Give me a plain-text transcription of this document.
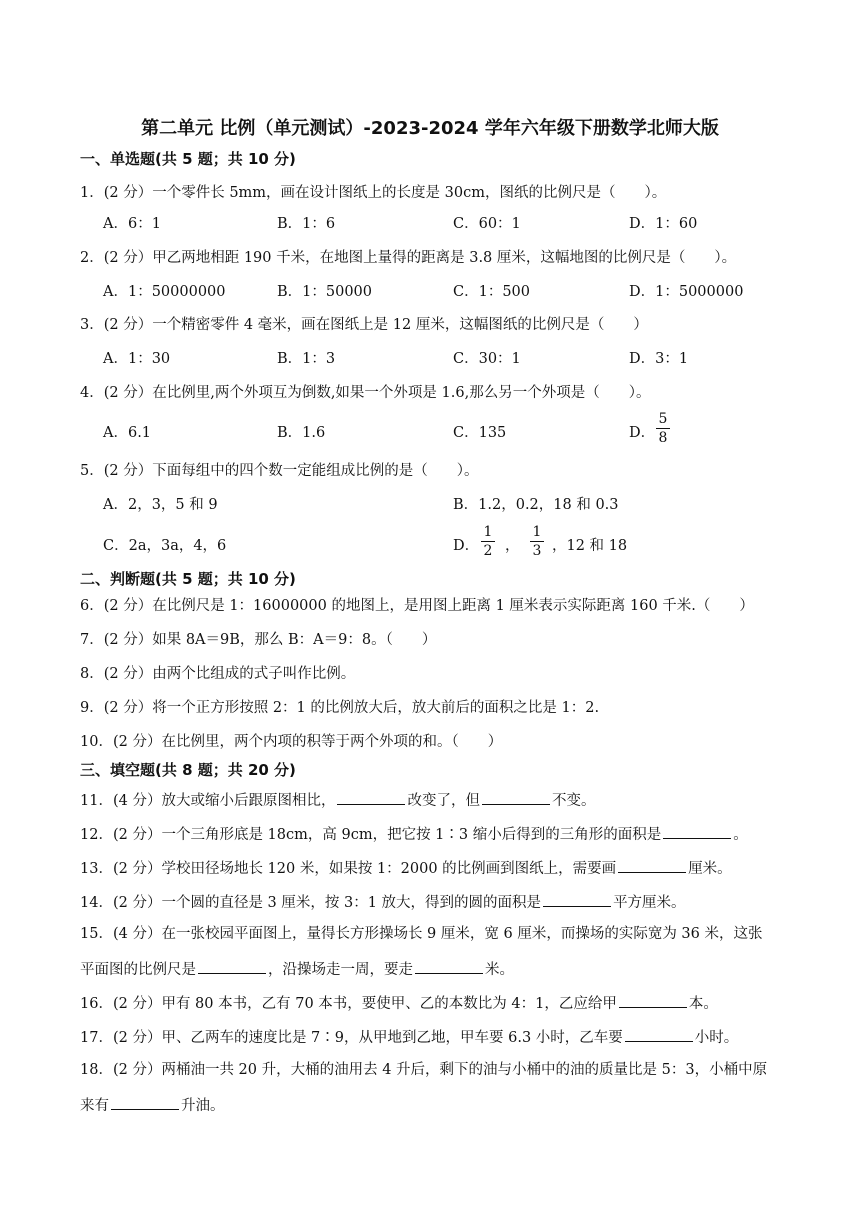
第二单元 比例（单元测试）-2023-2024 学年六年级下册数学北师大版
一、单选题(共 5 题；共 10 分)
1．(2 分）一个零件长 5mm，画在设计图纸上的长度是 30cm，图纸的比例尺是（　　）。
A．6：1	B．1：6	C．60：1	D．1：60
2．(2 分）甲乙两地相距 190 千米，在地图上量得的距离是 3.8 厘米，这幅地图的比例尺是（　　）。
A．1：50000000	B．1：50000	C．1：500	D．1：5000000
3．(2 分）一个精密零件 4 毫米，画在图纸上是 12 厘米，这幅图纸的比例尺是（　　）
A．1：30	B．1：3	C．30：1	D．3：1
4．(2 分）在比例里,两个外项互为倒数,如果一个外项是 1.6,那么另一个外项是（　　）。
A．6.1	B．1.6	C．135	D．
5
8
5．(2 分）下面每组中的四个数一定能组成比例的是（　　）。
A．2，3，5 和 9	B．1.2，0.2，18 和 0.3
C．2a，3a，4，6	D．
1
2 ，
1
3 ，12 和 18
二、判断题(共 5 题；共 10 分)
6．(2 分）在比例尺是 1：16000000 的地图上，是用图上距离 1 厘米表示实际距离 160 千米.（　　）
7．(2 分）如果 8A＝9B，那么 B：A＝9：8。（　　）
8．(2 分）由两个比组成的式子叫作比例。
9．(2 分）将一个正方形按照 2：1 的比例放大后，放大前后的面积之比是 1：2.
10．(2 分）在比例里，两个内项的积等于两个外项的和。（　　）
三、填空题(共 8 题；共 20 分)
11．(4 分）放大或缩小后跟原图相比，	改变了，但	不变。
12．(2 分）一个三角形底是 18cm，高 9cm，把它按 1∶3 缩小后得到的三角形的面积是	。
13．(2 分）学校田径场地长 120 米，如果按 1：2000 的比例画到图纸上，需要画	厘米。
14．(2 分）一个圆的直径是 3 厘米，按 3：1 放大，得到的圆的面积是	平方厘米。
15．(4 分）在一张校园平面图上，量得长方形操场长 9 厘米，宽 6 厘米，而操场的实际宽为 36 米，这张
平面图的比例尺是	，沿操场走一周，要走	米。
16．(2 分）甲有 80 本书，乙有 70 本书，要使甲、乙的本数比为 4：1，乙应给甲	本。
17．(2 分）甲、乙两车的速度比是 7∶9，从甲地到乙地，甲车要 6.3 小时，乙车要	小时。
18．(2 分）两桶油一共 20 升，大桶的油用去 4 升后，剩下的油与小桶中的油的质量比是 5：3，小桶中原
来有	升油。
